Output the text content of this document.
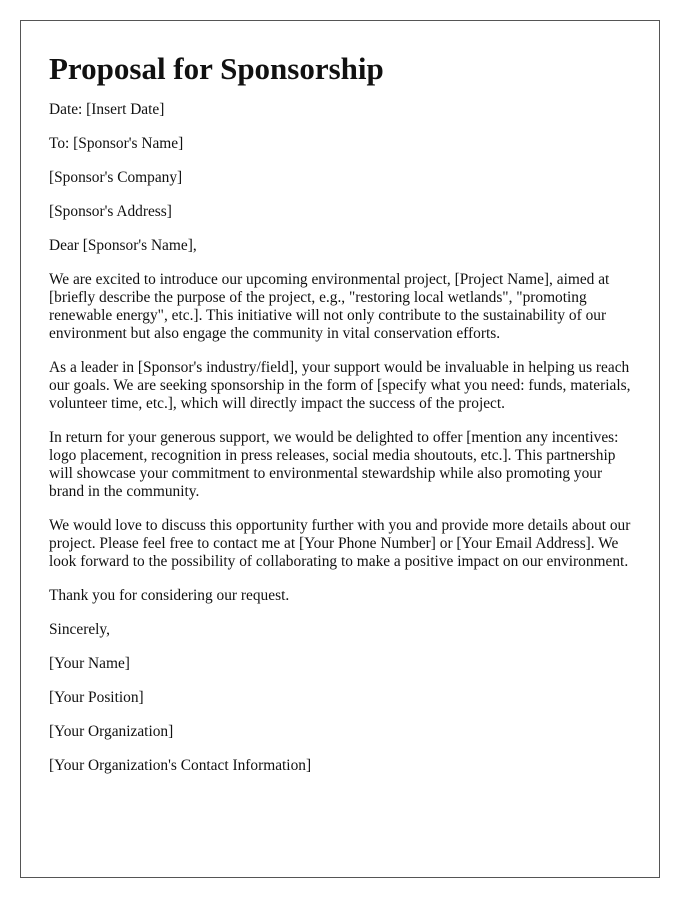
Proposal for Sponsorship

Date: [Insert Date]

To: [Sponsor's Name]

[Sponsor's Company]

[Sponsor's Address]

Dear [Sponsor's Name],

We are excited to introduce our upcoming environmental project, [Project Name], aimed at [briefly describe the purpose of the project, e.g., "restoring local wetlands", "promoting renewable energy", etc.]. This initiative will not only contribute to the sustainability of our environment but also engage the community in vital conservation efforts.

As a leader in [Sponsor's industry/field], your support would be invaluable in helping us reach our goals. We are seeking sponsorship in the form of [specify what you need: funds, materials, volunteer time, etc.], which will directly impact the success of the project.

In return for your generous support, we would be delighted to offer [mention any incentives: logo placement, recognition in press releases, social media shoutouts, etc.]. This partnership will showcase your commitment to environmental stewardship while also promoting your brand in the community.

We would love to discuss this opportunity further with you and provide more details about our project. Please feel free to contact me at [Your Phone Number] or [Your Email Address]. We look forward to the possibility of collaborating to make a positive impact on our environment.

Thank you for considering our request.

Sincerely,

[Your Name]

[Your Position]

[Your Organization]

[Your Organization's Contact Information]
